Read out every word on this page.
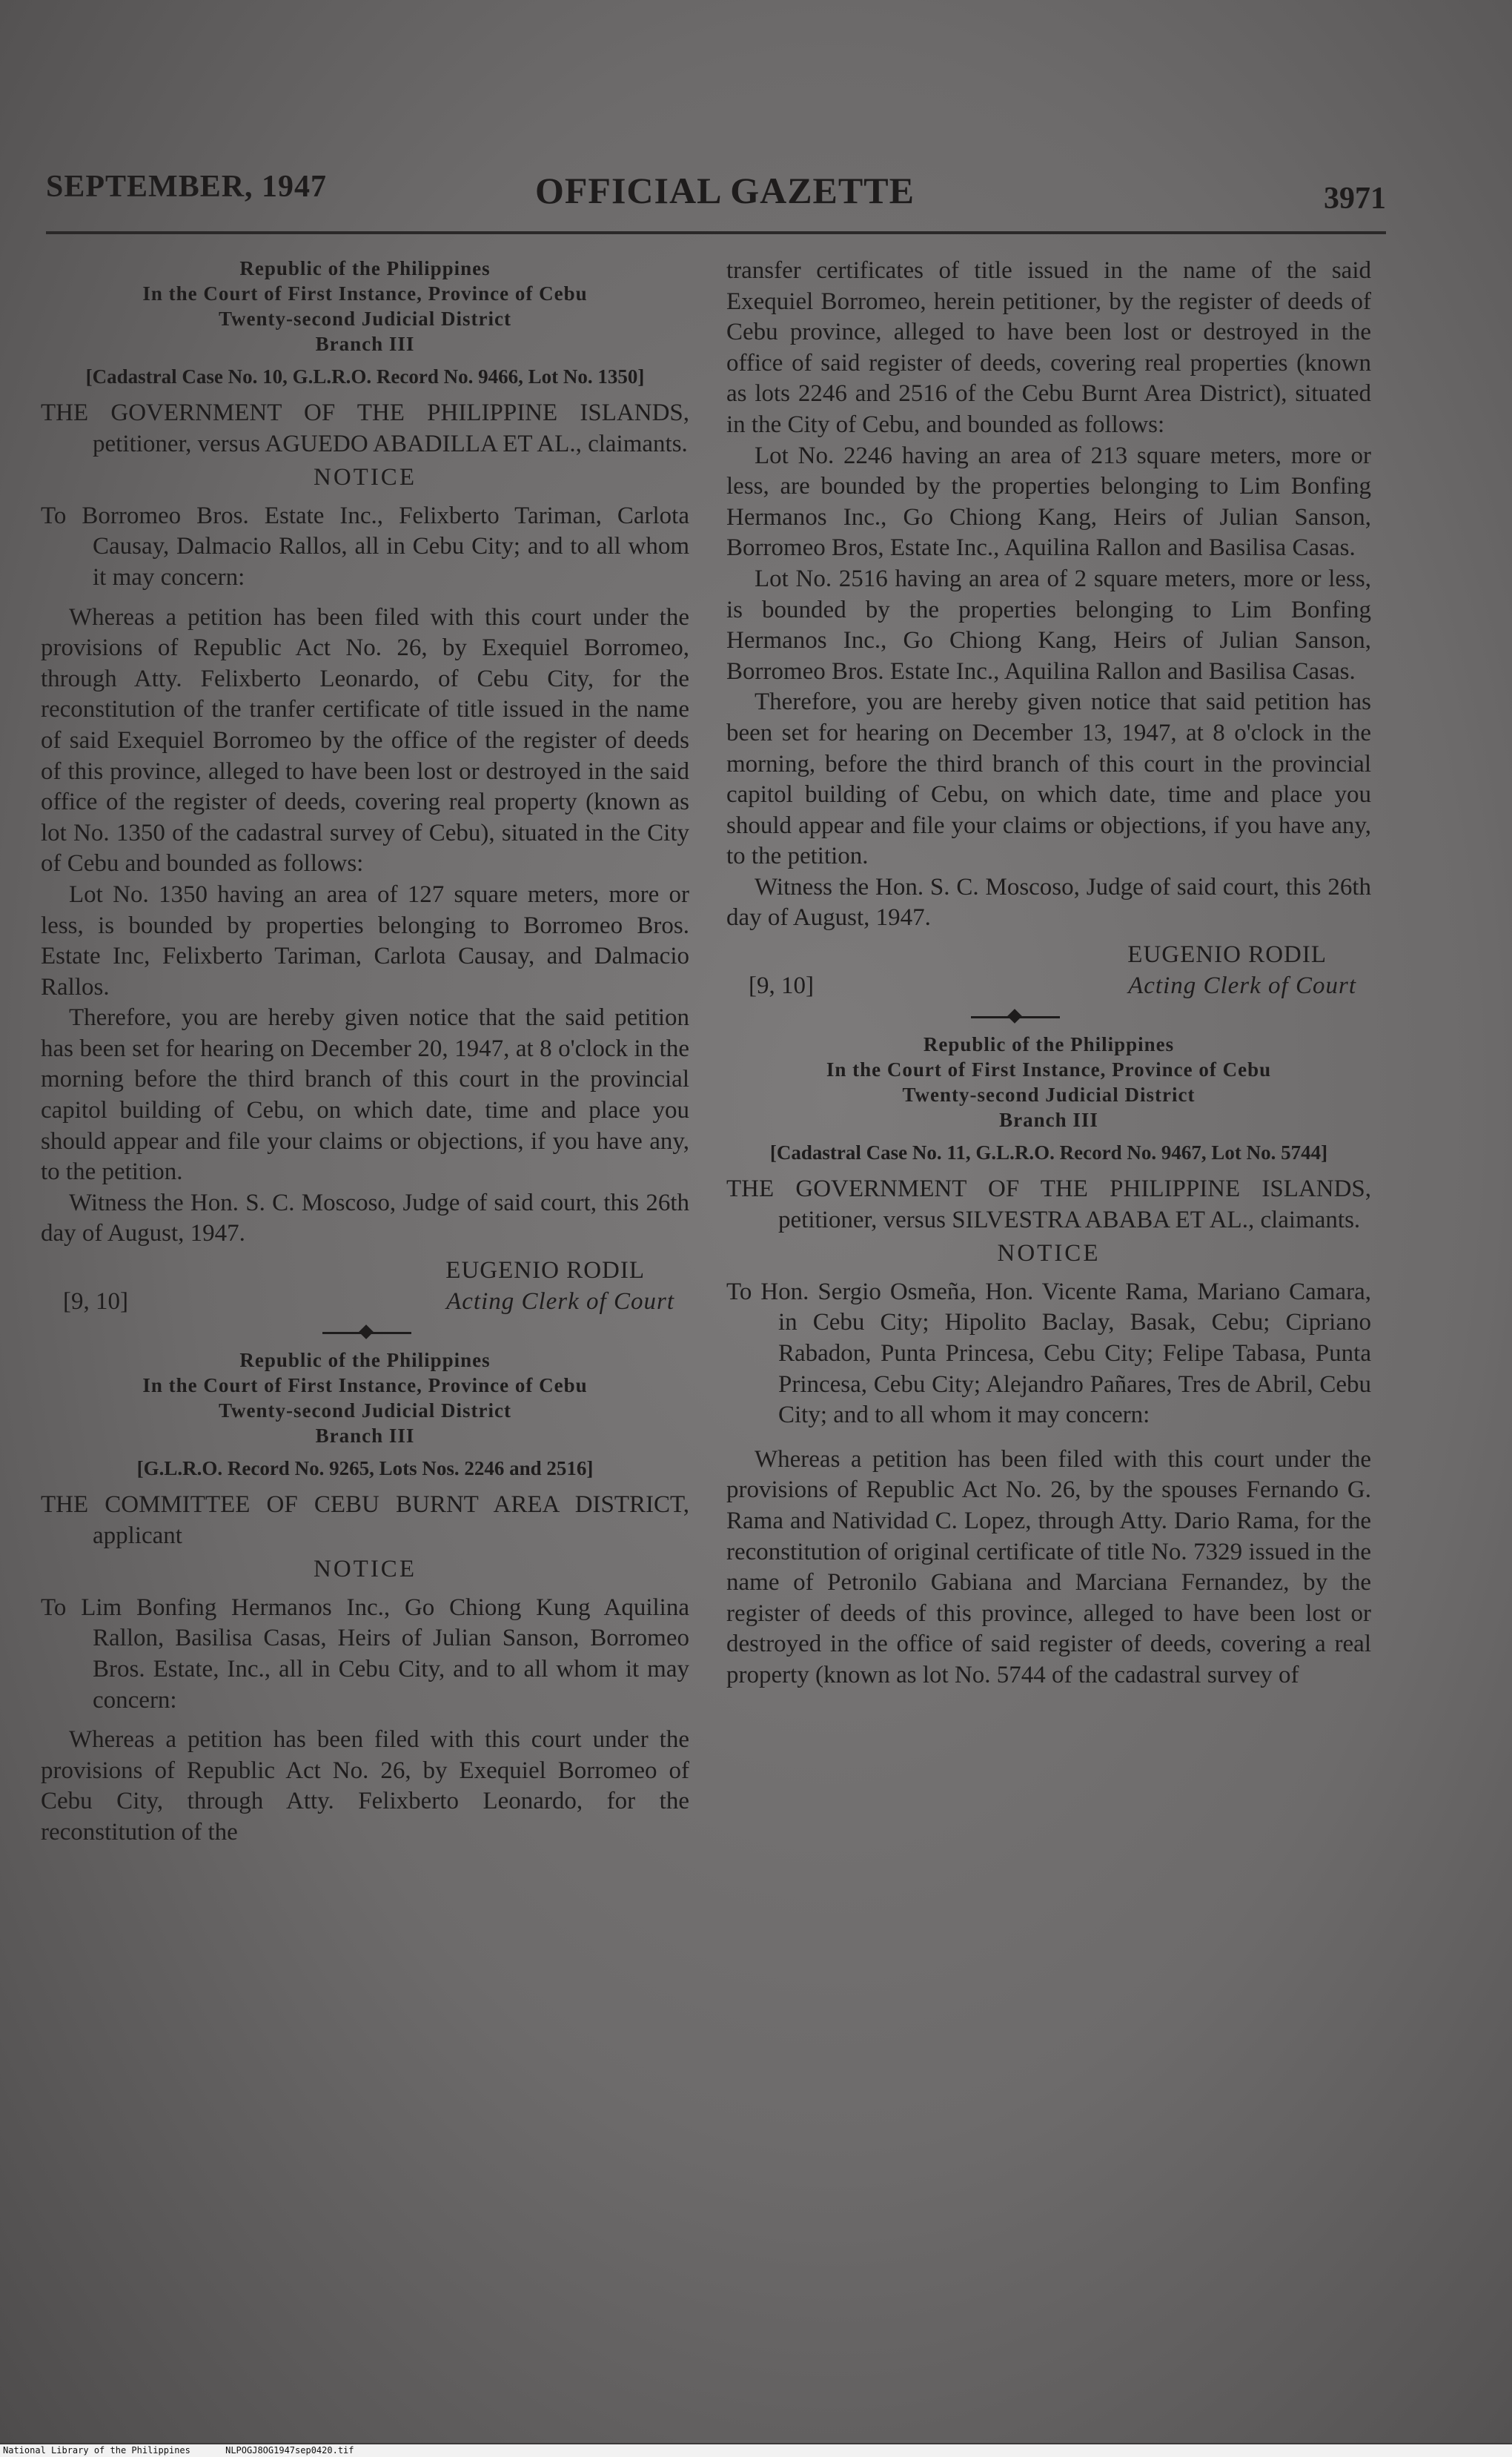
SEPTEMBER, 1947	OFFICIAL GAZETTE	3971
Republic of the Philippines
In the Court of First Instance, Province of Cebu
Twenty-second Judicial District
Branch III
[Cadastral Case No. 10, G.L.R.O. Record No. 9466, Lot No. 1350]

THE GOVERNMENT OF THE PHILIPPINE ISLANDS, petitioner, versus AGUEDO ABADILLA ET AL., claimants.

NOTICE

To Borromeo Bros. Estate Inc., Felixberto Tariman, Carlota Causay, Dalmacio Rallos, all in Cebu City; and to all whom it may concern:

Whereas a petition has been filed with this court under the provisions of Republic Act No. 26, by Exequiel Borromeo, through Atty. Felixberto Leonardo, of Cebu City, for the reconstitution of the tranfer certificate of title issued in the name of said Exequiel Borromeo by the office of the register of deeds of this province, alleged to have been lost or destroyed in the said office of the register of deeds, covering real property (known as lot No. 1350 of the cadastral survey of Cebu), situated in the City of Cebu and bounded as follows:

Lot No. 1350 having an area of 127 square meters, more or less, is bounded by properties belonging to Borromeo Bros. Estate Inc, Felixberto Tariman, Carlota Causay, and Dalmacio Rallos.

Therefore, you are hereby given notice that the said petition has been set for hearing on December 20, 1947, at 8 o'clock in the morning before the third branch of this court in the provincial capitol building of Cebu, on which date, time and place you should appear and file your claims or objections, if you have any, to the petition.

Witness the Hon. S. C. Moscoso, Judge of said court, this 26th day of August, 1947.

EUGENIO RODIL
[9, 10]	Acting Clerk of Court
Republic of the Philippines
In the Court of First Instance, Province of Cebu
Twenty-second Judicial District
Branch III
[G.L.R.O. Record No. 9265, Lots Nos. 2246 and 2516]

THE COMMITTEE OF CEBU BURNT AREA DISTRICT, applicant

NOTICE

To Lim Bonfing Hermanos Inc., Go Chiong Kung Aquilina Rallon, Basilisa Casas, Heirs of Julian Sanson, Borromeo Bros. Estate, Inc., all in Cebu City, and to all whom it may concern:

Whereas a petition has been filed with this court under the provisions of Republic Act No. 26, by Exequiel Borromeo of Cebu City, through Atty. Felixberto Leonardo, for the reconstitution of the

transfer certificates of title issued in the name of the said Exequiel Borromeo, herein petitioner, by the register of deeds of Cebu province, alleged to have been lost or destroyed in the office of said register of deeds, covering real properties (known as lots 2246 and 2516 of the Cebu Burnt Area District), situated in the City of Cebu, and bounded as follows:

Lot No. 2246 having an area of 213 square meters, more or less, are bounded by the properties belonging to Lim Bonfing Hermanos Inc., Go Chiong Kang, Heirs of Julian Sanson, Borromeo Bros, Estate Inc., Aquilina Rallon and Basilisa Casas.

Lot No. 2516 having an area of 2 square meters, more or less, is bounded by the properties belonging to Lim Bonfing Hermanos Inc., Go Chiong Kang, Heirs of Julian Sanson, Borromeo Bros. Estate Inc., Aquilina Rallon and Basilisa Casas.

Therefore, you are hereby given notice that said petition has been set for hearing on December 13, 1947, at 8 o'clock in the morning, before the third branch of this court in the provincial capitol building of Cebu, on which date, time and place you should appear and file your claims or objections, if you have any, to the petition.

Witness the Hon. S. C. Moscoso, Judge of said court, this 26th day of August, 1947.

EUGENIO RODIL
[9, 10]	Acting Clerk of Court
Republic of the Philippines
In the Court of First Instance, Province of Cebu
Twenty-second Judicial District
Branch III
[Cadastral Case No. 11, G.L.R.O. Record No. 9467, Lot No. 5744]

THE GOVERNMENT OF THE PHILIPPINE ISLANDS, petitioner, versus SILVESTRA ABABA ET AL., claimants.

NOTICE

To Hon. Sergio Osmeña, Hon. Vicente Rama, Mariano Camara, in Cebu City; Hipolito Baclay, Basak, Cebu; Cipriano Rabadon, Punta Princesa, Cebu City; Felipe Tabasa, Punta Princesa, Cebu City; Alejandro Pañares, Tres de Abril, Cebu City; and to all whom it may concern:

Whereas a petition has been filed with this court under the provisions of Republic Act No. 26, by the spouses Fernando G. Rama and Natividad C. Lopez, through Atty. Dario Rama, for the reconstitution of original certificate of title No. 7329 issued in the name of Petronilo Gabiana and Marciana Fernandez, by the register of deeds of this province, alleged to have been lost or destroyed in the office of said register of deeds, covering a real property (known as lot No. 5744 of the cadastral survey of

National Library of the Philippines	NLPOGJ8OG1947sep0420.tif
